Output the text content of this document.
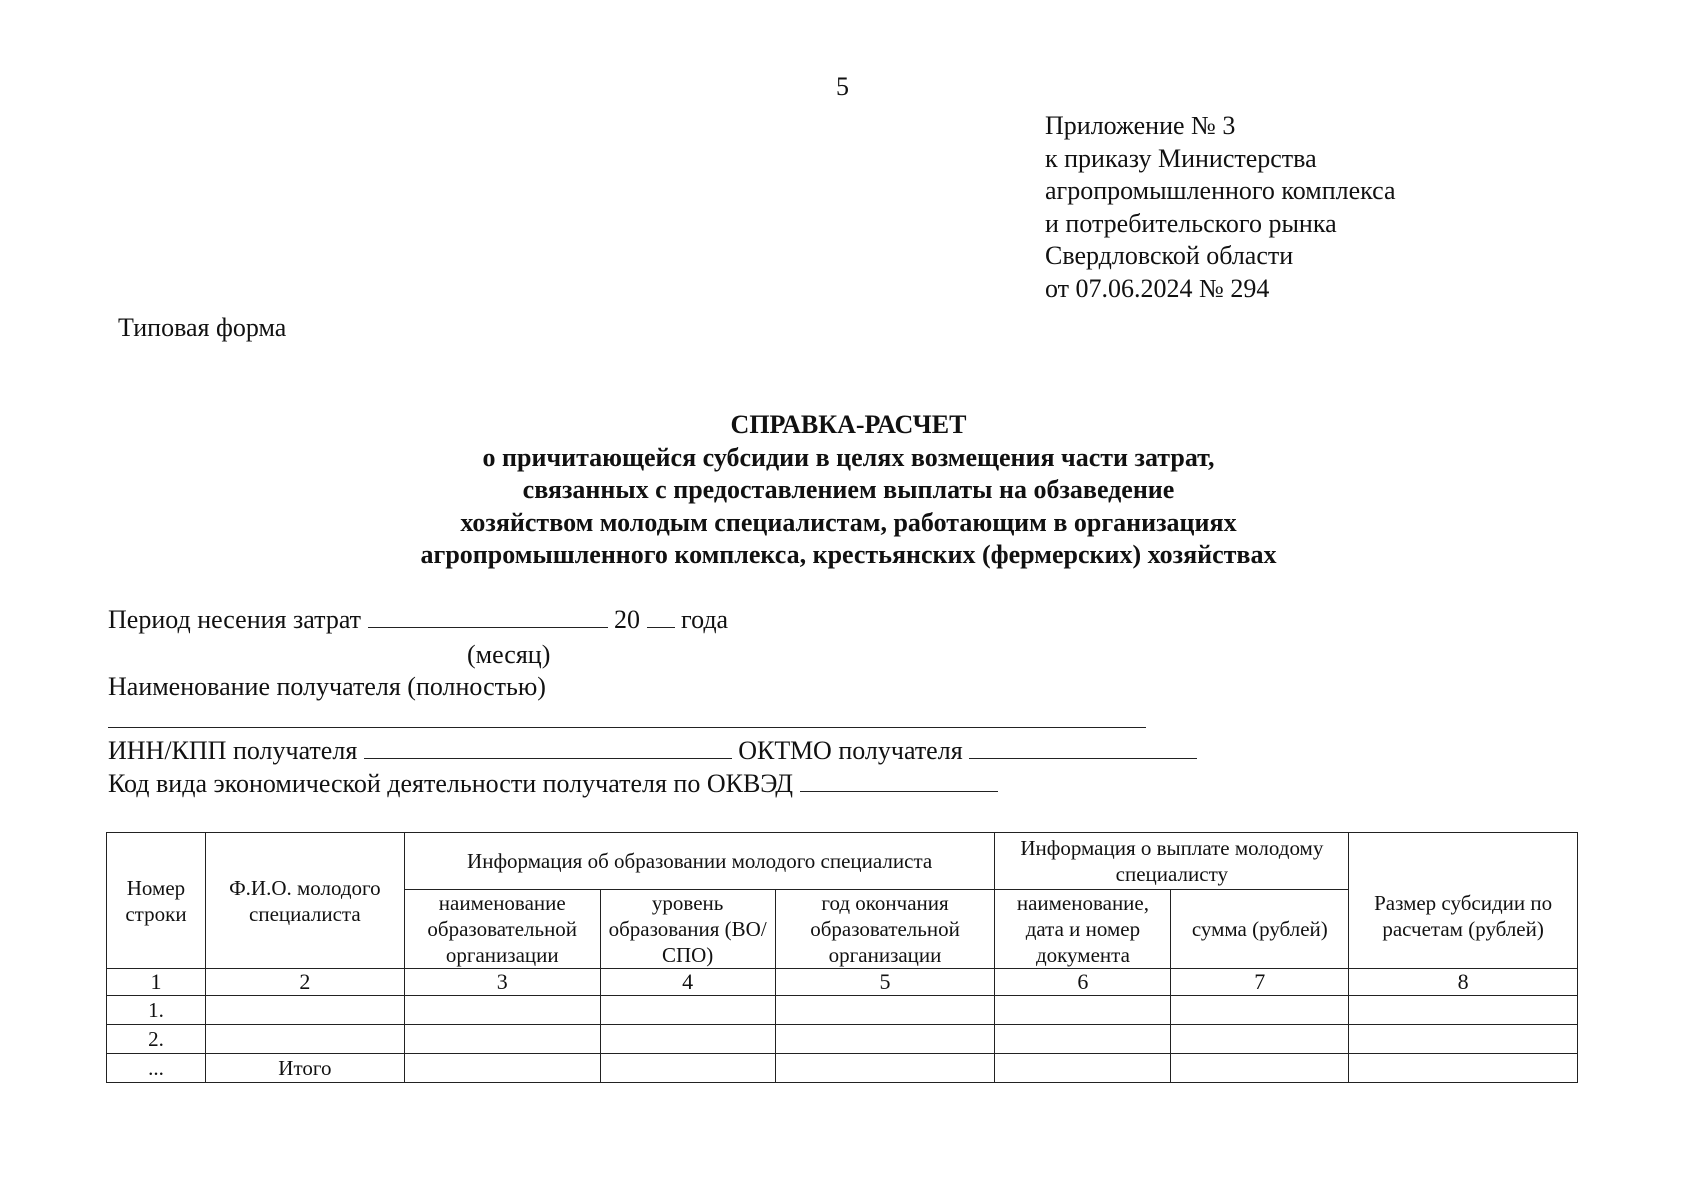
5
Приложение № 3
к приказу Министерства
агропромышленного комплекса
и потребительского рынка
Свердловской области
от 07.06.2024 № 294
Типовая форма
СПРАВКА-РАСЧЕТ
о причитающейся субсидии в целях возмещения части затрат,
связанных с предоставлением выплаты на обзаведение
хозяйством молодым специалистам, работающим в организациях
агропромышленного комплекса, крестьянских (фермерских) хозяйствах
Период несения затрат	20 года
(месяц)
Наименование получателя (полностью)
ИНН/КПП получателя	ОКТМО получателя
Код вида экономической деятельности получателя по ОКВЭД
Номер строки	Ф.И.О. молодого специалиста	Информация об образовании молодого специалиста			Информация о выплате молодому специалисту		Размер субсидии по расчетам (рублей)
		наименование образовательной организации	уровень образования (ВО/СПО)	год окончания образовательной организации	наименование, дата и номер документа	сумма (рублей)	
1	2	3	4	5	6	7	8
1.							
2.							
...	Итого						
